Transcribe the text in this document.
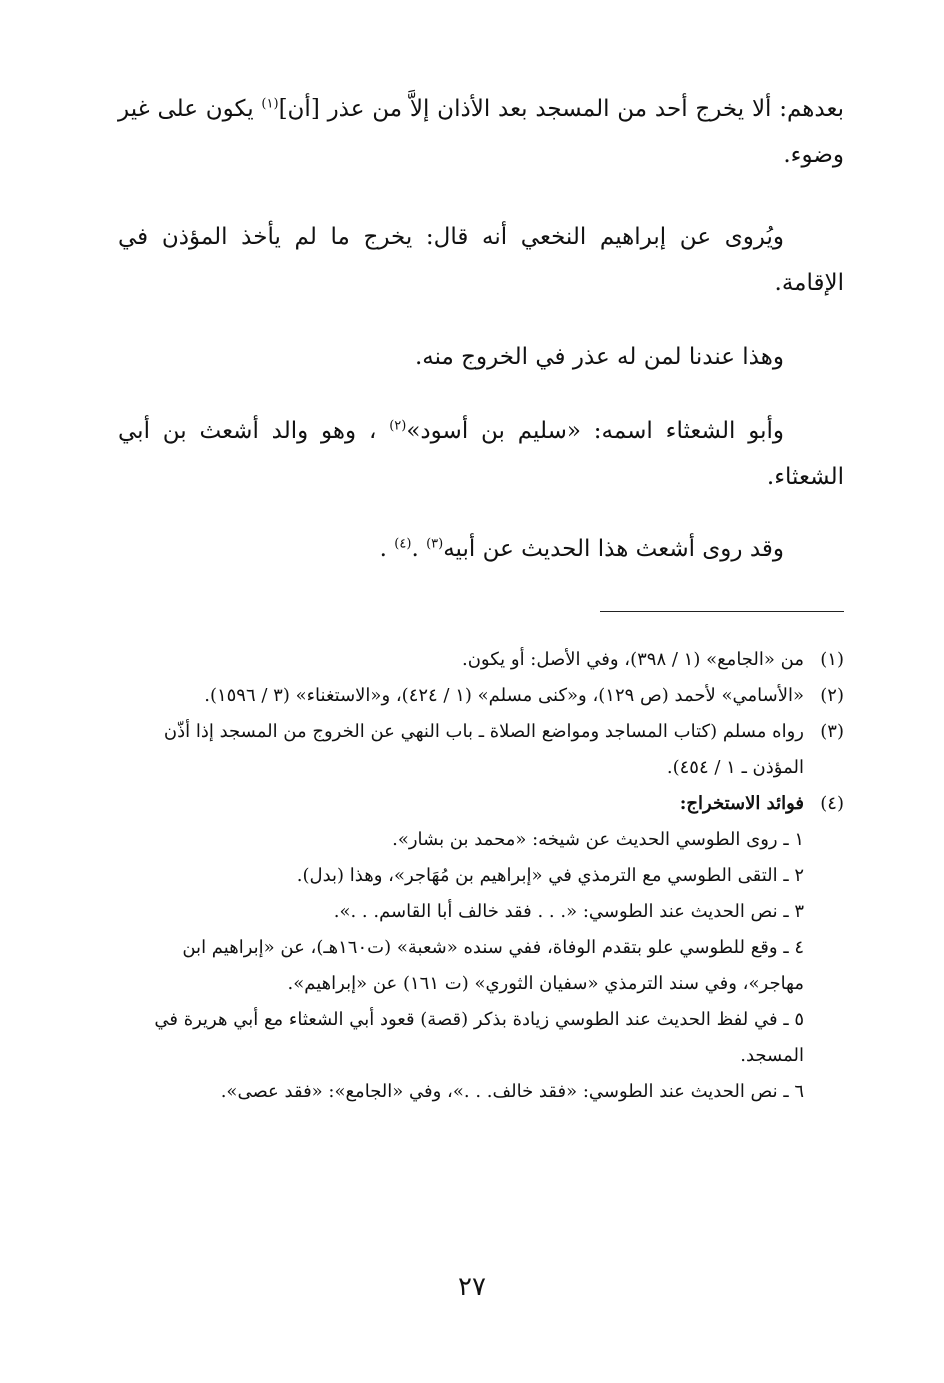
بعدهم: ألا يخرج أحد من المسجد بعد الأذان إلاَّ من عذر [أن]$^{(١)}$ يكون على غير وضوء.

ويُروى عن إبراهيم النخعي أنه قال: يخرج ما لم يأخذ المؤذن في الإقامة.

وهذا عندنا لمن له عذر في الخروج منه.

وأبو الشعثاء اسمه: «سليم بن أسود»$^{(٢)}$ ، وهو والد أشعث بن أبي الشعثاء.

وقد روى أشعث هذا الحديث عن أبيه$^{(٣)}$ .$^{(٤)}$ .

(١)
من «الجامع» (١ / ٣٩٨)، وفي الأصل: أو يكون.

(٢)
«الأسامي» لأحمد (ص ١٢٩)، و«كنى مسلم» (١ / ٤٢٤)، و«الاستغناء» (٣ / ١٥٩٦).

(٣)
رواه مسلم (كتاب المساجد ومواضع الصلاة ـ باب النهي عن الخروج من المسجد إذا أذّن المؤذن ـ ١ / ٤٥٤).

(٤)
فوائد الاستخراج:

١ ـ روى الطوسي الحديث عن شيخه: «محمد بن بشار».

٢ ـ التقى الطوسي مع الترمذي في «إبراهيم بن مُهَاجر»، وهذا (بدل).

٣ ـ نص الحديث عند الطوسي: «. . . فقد خالف أبا القاسم. . .».

٤ ـ وقع للطوسي علو بتقدم الوفاة، ففي سنده «شعبة» (ت١٦٠هـ)، عن «إبراهيم ابن مهاجر»، وفي سند الترمذي «سفيان الثوري» (ت ١٦١) عن «إبراهيم».

٥ ـ في لفظ الحديث عند الطوسي زيادة بذكر (قصة) قعود أبي الشعثاء مع أبي هريرة في المسجد.

٦ ـ نص الحديث عند الطوسي: «فقد خالف. . .»، وفي «الجامع»: «فقد عصى».

٢٧
